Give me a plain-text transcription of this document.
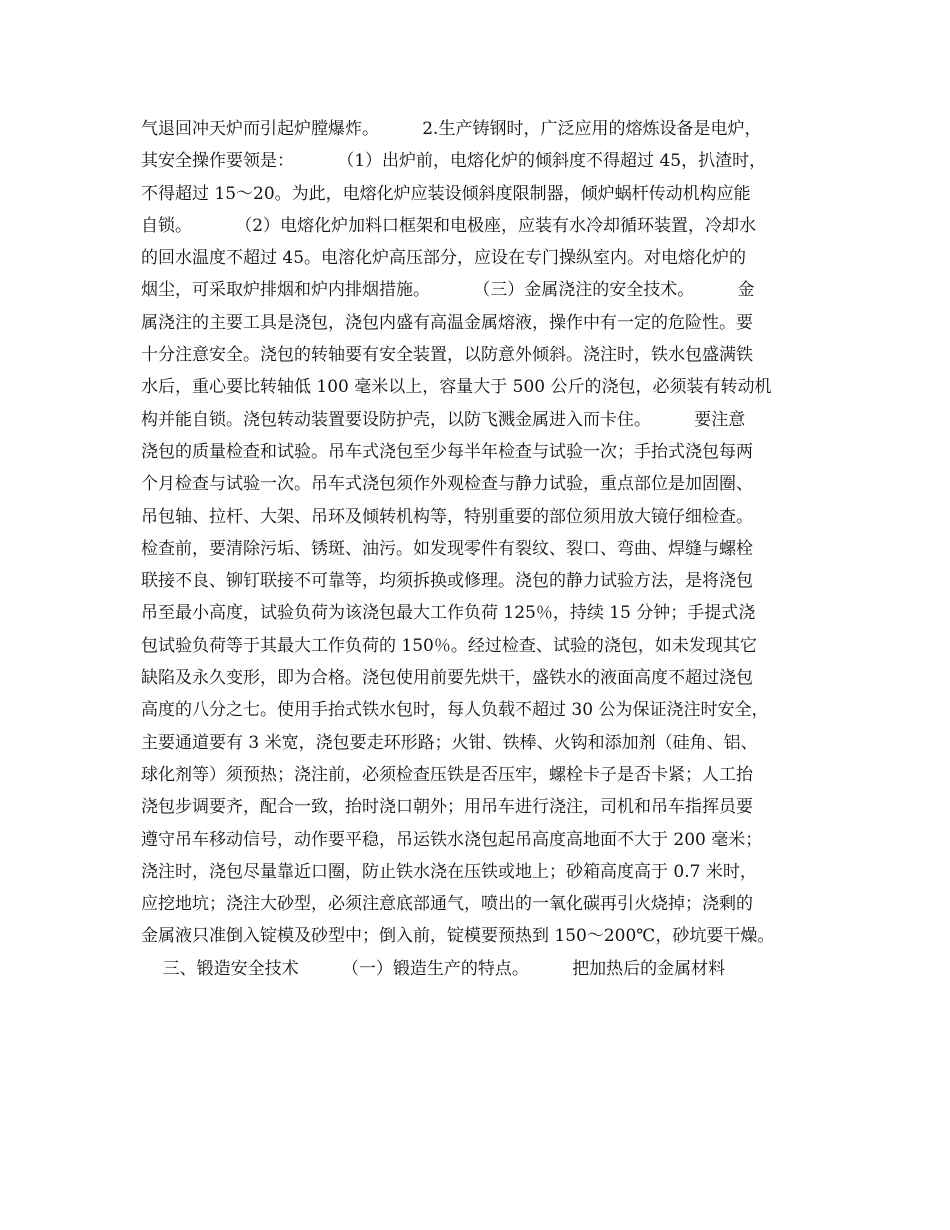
气退回冲天炉而引起炉膛爆炸。        2.生产铸钢时，广泛应用的熔炼设备是电炉，
其安全操作要领是：        （1）出炉前，电熔化炉的倾斜度不得超过 45，扒渣时，
不得超过 15～20。为此，电熔化炉应装设倾斜度限制器，倾炉蜗杆传动机构应能
自锁。        （2）电熔化炉加料口框架和电极座，应装有水冷却循环装置，冷却水
的回水温度不超过 45。电溶化炉高压部分，应设在专门操纵室内。对电熔化炉的
烟尘，可采取炉排烟和炉内排烟措施。        （三）金属浇注的安全技术。        金
属浇注的主要工具是浇包，浇包内盛有高温金属熔液，操作中有一定的危险性。要
十分注意安全。浇包的转轴要有安全装置，以防意外倾斜。浇注时，铁水包盛满铁
水后，重心要比转轴低 100 毫米以上，容量大于 500 公斤的浇包，必须装有转动机
构并能自锁。浇包转动装置要设防护壳，以防飞溅金属进入而卡住。        要注意
浇包的质量检查和试验。吊车式浇包至少每半年检查与试验一次；手抬式浇包每两
个月检查与试验一次。吊车式浇包须作外观检查与静力试验，重点部位是加固圈、
吊包轴、拉杆、大架、吊环及倾转机构等，特别重要的部位须用放大镜仔细检查。
检查前，要清除污垢、锈斑、油污。如发现零件有裂纹、裂口、弯曲、焊缝与螺栓
联接不良、铆钉联接不可靠等，均须拆换或修理。浇包的静力试验方法，是将浇包
吊至最小高度，试验负荷为该浇包最大工作负荷 125％，持续 15 分钟；手提式浇
包试验负荷等于其最大工作负荷的 150％。经过检查、试验的浇包，如未发现其它
缺陷及永久变形，即为合格。浇包使用前要先烘干，盛铁水的液面高度不超过浇包
高度的八分之七。使用手抬式铁水包时，每人负载不超过 30 公为保证浇注时安全，
主要通道要有 3 米宽，浇包要走环形路；火钳、铁棒、火钩和添加剂（硅角、铝、
球化剂等）须预热；浇注前，必须检查压铁是否压牢，螺栓卡子是否卡紧；人工抬
浇包步调要齐，配合一致，抬时浇口朝外；用吊车进行浇注，司机和吊车指挥员要
遵守吊车移动信号，动作要平稳，吊运铁水浇包起吊高度高地面不大于 200 毫米；
浇注时，浇包尽量靠近口圈，防止铁水浇在压铁或地上；砂箱高度高于 0.7 米时，
应挖地坑；浇注大砂型，必须注意底部通气，喷出的一氧化碳再引火烧掉；浇剩的
金属液只准倒入锭模及砂型中；倒入前，锭模要预热到 150～200℃，砂坑要干燥。
三、锻造安全技术        （一）锻造生产的特点。        把加热后的金属材料
